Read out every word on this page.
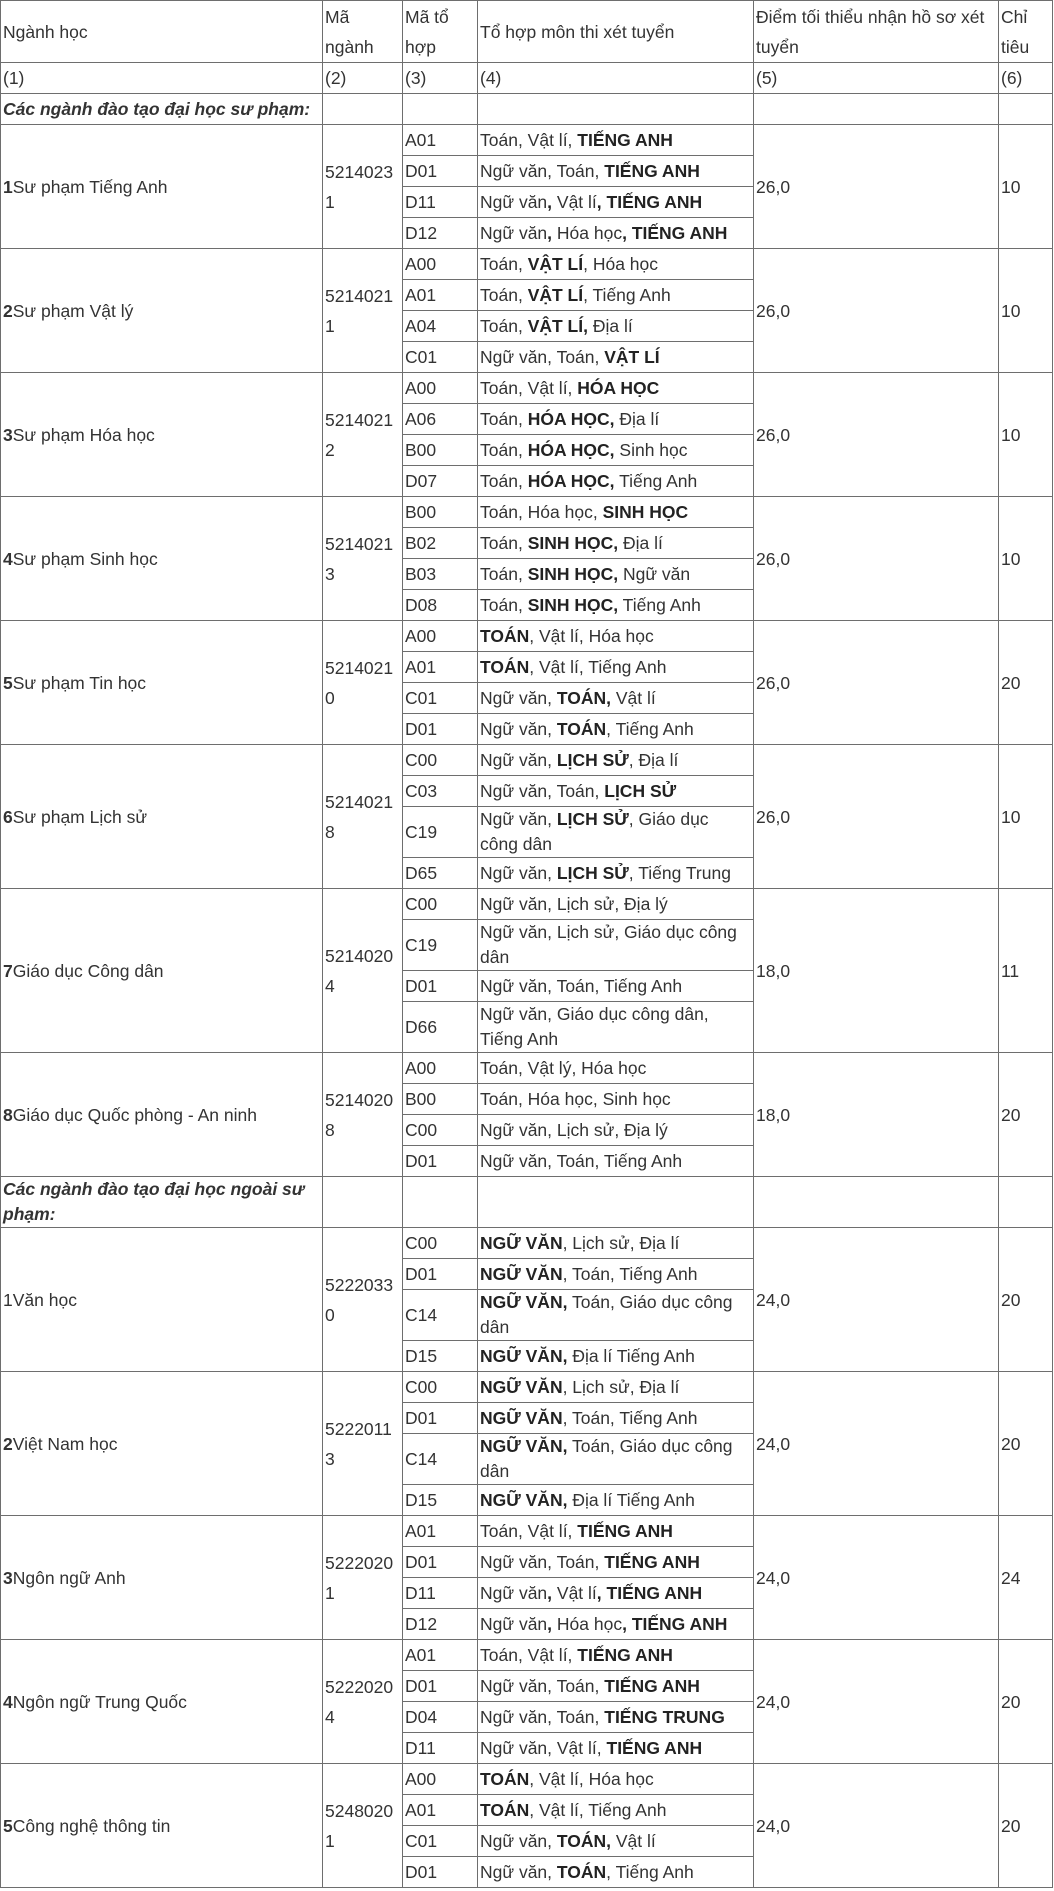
Ngành học	Mã ngành	Mã tổ hợp	Tổ hợp môn thi xét tuyển	Điểm tối thiểu nhận hồ sơ xét tuyển	Chỉ tiêu
(1)	(2)	(3)	(4)	(5)	(6)
Các ngành đào tạo đại học sư phạm:					
1Sư phạm Tiếng Anh	52140231	A01	Toán, Vật lí, TIẾNG ANH	26,0	10
		D01	Ngữ văn, Toán, TIẾNG ANH		
		D11	Ngữ văn, Vật lí, TIẾNG ANH		
		D12	Ngữ văn, Hóa học, TIẾNG ANH		
2Sư phạm Vật lý	52140211	A00	Toán, VẬT LÍ, Hóa học	26,0	10
		A01	Toán, VẬT LÍ, Tiếng Anh		
		A04	Toán, VẬT LÍ, Địa lí		
		C01	Ngữ văn, Toán, VẬT LÍ		
3Sư phạm Hóa học	52140212	A00	Toán, Vật lí, HÓA HỌC	26,0	10
		A06	Toán, HÓA HỌC, Địa lí		
		B00	Toán, HÓA HỌC, Sinh học		
		D07	Toán, HÓA HỌC, Tiếng Anh		
4Sư phạm Sinh học	52140213	B00	Toán, Hóa học, SINH HỌC	26,0	10
		B02	Toán, SINH HỌC, Địa lí		
		B03	Toán, SINH HỌC, Ngữ văn		
		D08	Toán, SINH HỌC, Tiếng Anh		
5Sư phạm Tin học	52140210	A00	TOÁN, Vật lí, Hóa học	26,0	20
		A01	TOÁN, Vật lí, Tiếng Anh		
		C01	Ngữ văn, TOÁN, Vật lí		
		D01	Ngữ văn, TOÁN, Tiếng Anh		
6Sư phạm Lịch sử	52140218	C00	Ngữ văn, LỊCH SỬ, Địa lí	26,0	10
		C03	Ngữ văn, Toán, LỊCH SỬ		
		C19	Ngữ văn, LỊCH SỬ, Giáo dục công dân		
		D65	Ngữ văn, LỊCH SỬ, Tiếng Trung		
7Giáo dục Công dân	52140204	C00	Ngữ văn, Lịch sử, Địa lý	18,0	11
		C19	Ngữ văn, Lịch sử, Giáo dục công dân		
		D01	Ngữ văn, Toán, Tiếng Anh		
		D66	Ngữ văn, Giáo dục công dân, Tiếng Anh		
8Giáo dục Quốc phòng - An ninh	52140208	A00	Toán, Vật lý, Hóa học	18,0	20
		B00	Toán, Hóa học, Sinh học		
		C00	Ngữ văn, Lịch sử, Địa lý		
		D01	Ngữ văn, Toán, Tiếng Anh		
Các ngành đào tạo đại học ngoài sư phạm:					
1Văn học	52220330	C00	NGỮ VĂN, Lịch sử, Địa lí	24,0	20
		D01	NGỮ VĂN, Toán, Tiếng Anh		
		C14	NGỮ VĂN, Toán, Giáo dục công dân		
		D15	NGỮ VĂN, Địa lí Tiếng Anh		
2Việt Nam học	52220113	C00	NGỮ VĂN, Lịch sử, Địa lí	24,0	20
		D01	NGỮ VĂN, Toán, Tiếng Anh		
		C14	NGỮ VĂN, Toán, Giáo dục công dân		
		D15	NGỮ VĂN, Địa lí Tiếng Anh		
3Ngôn ngữ Anh	52220201	A01	Toán, Vật lí, TIẾNG ANH	24,0	24
		D01	Ngữ văn, Toán, TIẾNG ANH		
		D11	Ngữ văn, Vật lí, TIẾNG ANH		
		D12	Ngữ văn, Hóa học, TIẾNG ANH		
4Ngôn ngữ Trung Quốc	52220204	A01	Toán, Vật lí, TIẾNG ANH	24,0	20
		D01	Ngữ văn, Toán, TIẾNG ANH		
		D04	Ngữ văn, Toán, TIẾNG TRUNG		
		D11	Ngữ văn, Vật lí, TIẾNG ANH		
5Công nghệ thông tin	52480201	A00	TOÁN, Vật lí, Hóa học	24,0	20
		A01	TOÁN, Vật lí, Tiếng Anh		
		C01	Ngữ văn, TOÁN, Vật lí		
		D01	Ngữ văn, TOÁN, Tiếng Anh		
